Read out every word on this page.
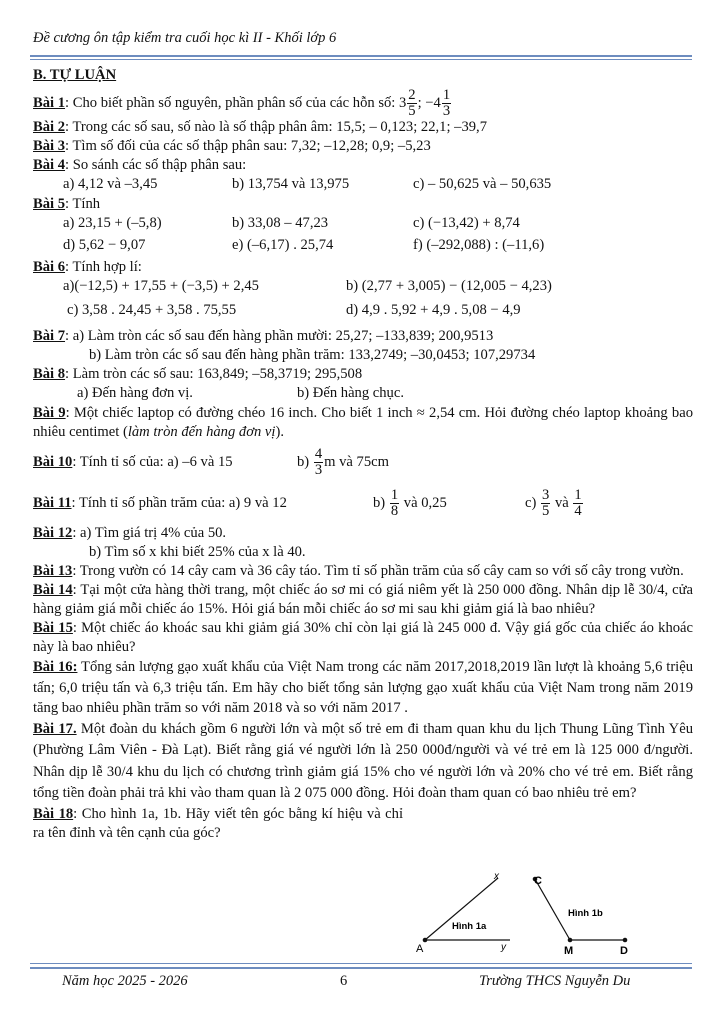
Đề cương ôn tập kiểm tra cuối học kì II - Khối lớp 6

B. TỰ LUẬN

Bài 1: Cho biết phần số nguyên, phần phân số của các hỗn số: $3 \frac{2}{5}$ ; $-4 \frac{1}{3}$

Bài 2: Trong các số sau, số nào là số thập phân âm: 15,5; – 0,123; 22,1; –39,7

Bài 3: Tìm số đối của các số thập phân sau: 7,32; –12,28; 0,9; –5,23

Bài 4: So sánh các số thập phân sau:

a) 4,12 và –3,45	b) 13,754 và 13,975	c) – 50,625 và – 50,635

Bài 5: Tính

a) 23,15 + (–5,8)	b) 33,08 – 47,23	c) (−13,42) + 8,74
d) 5,62 − 9,07	e) (–6,17) . 25,74	f) (–292,088) : (–11,6)

Bài 6: Tính hợp lí:

a)(−12,5) + 17,55 + (−3,5) + 2,45	b) (2,77 + 3,005) − (12,005 − 4,23)
c) 3,58 . 24,45 + 3,58 . 75,55	d) 4,9 . 5,92 + 4,9 . 5,08 − 4,9

Bài 7: a) Làm tròn các số sau đến hàng phần mười: 25,27; –133,839; 200,9513

b) Làm tròn các số sau đến hàng phần trăm: 133,2749; –30,0453; 107,29734

Bài 8: Làm tròn các số sau: 163,849; –58,3719; 295,508

a) Đến hàng đơn vị.	b) Đến hàng chục.

Bài 9: Một chiếc laptop có đường chéo 16 inch. Cho biết 1 inch ≈ 2,54 cm. Hỏi đường chéo laptop khoảng bao nhiêu centimet (làm tròn đến hàng đơn vị).

Bài 10: Tính tỉ số của: a) –6 và 15	$b) \frac{4}{3}$ m và 75cm
Bài 11: Tính tỉ số phần trăm của: a) 9 và 12	$b) \frac{1}{8}$ và 0,25	$c) \frac{3}{5}$ và $\frac{1}{4}$

Bài 12: a) Tìm giá trị 4% của 50.

b) Tìm số x khi biết 25% của x là 40.

Bài 13: Trong vườn có 14 cây cam và 36 cây táo. Tìm tỉ số phần trăm của số cây cam so với số cây trong vườn.

Bài 14: Tại một cửa hàng thời trang, một chiếc áo sơ mi có giá niêm yết là 250 000 đồng. Nhân dịp lễ 30/4, cửa hàng giảm giá mỗi chiếc áo 15%. Hỏi giá bán mỗi chiếc áo sơ mi sau khi giảm giá là bao nhiêu?

Bài 15: Một chiếc áo khoác sau khi giảm giá 30% chỉ còn lại giá là 245 000 đ. Vậy giá gốc của chiếc áo khoác này là bao nhiêu?

Bài 16: Tổng sản lượng gạo xuất khẩu của Việt Nam trong các năm 2017,2018,2019 lần lượt là khoảng 5,6 triệu tấn; 6,0 triệu tấn và 6,3 triệu tấn. Em hãy cho biết tổng sản lượng gạo xuất khẩu của Việt Nam trong năm 2019 tăng bao nhiêu phần trăm so với năm 2018 và so với năm 2017 .

Bài 17. Một đoàn du khách gồm 6 người lớn và một số trẻ em đi tham quan khu du lịch Thung Lũng Tình Yêu (Phường Lâm Viên - Đà Lạt). Biết rằng giá vé người lớn là 250 000đ/người và vé trẻ em là 125 000 đ/người. Nhân dịp lễ 30/4 khu du lịch có chương trình giảm giá 15% cho vé người lớn và 20% cho vé trẻ em. Biết rằng tổng tiền đoàn phải trả khi vào tham quan là 2 075 000 đồng. Hỏi đoàn tham quan có bao nhiêu trẻ em?

Bài 18: Cho hình 1a, 1b. Hãy viết tên góc bằng kí hiệu và chỉ ra tên đỉnh và tên cạnh của góc?

Hình 1a
A
x
y
Hình 1b
C
M	D
Năm học 2025 - 2026	6	Trường THCS Nguyễn Du
